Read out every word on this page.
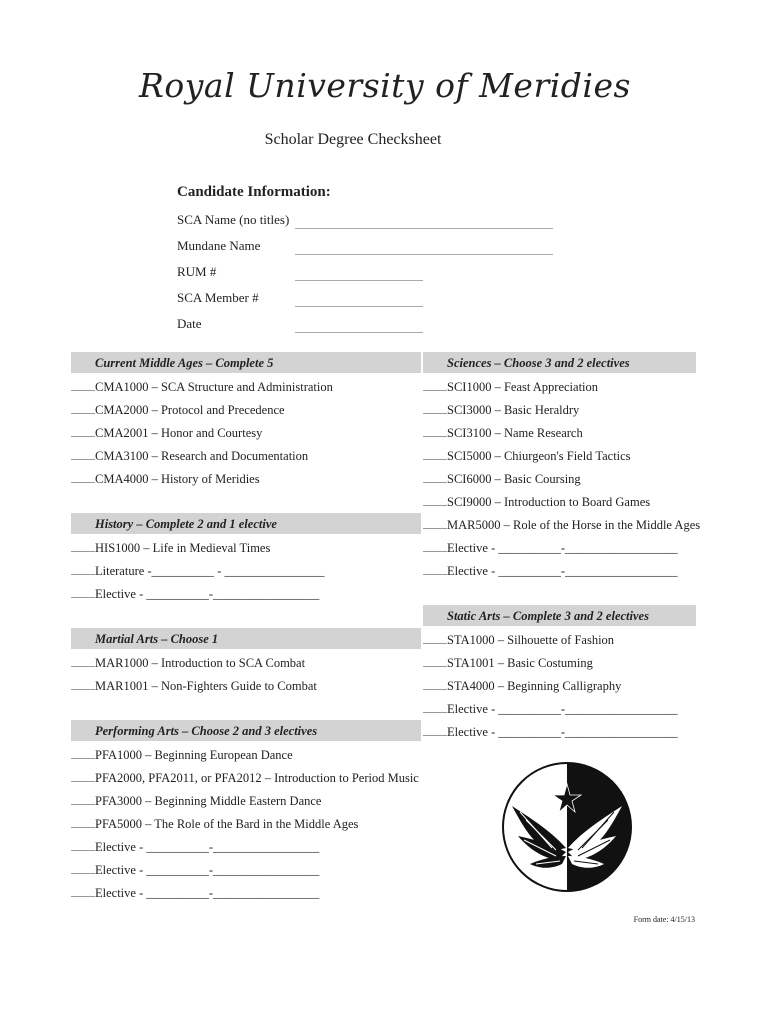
Royal University of Meridies
Scholar Degree Checksheet
Candidate Information:
SCA Name (no titles)
Mundane Name
RUM #
SCA Member #
Date
Current Middle Ages – Complete 5	Sciences – Choose 3 and 2 electives
History – Complete 2 and 1 elective
Static Arts – Complete 3 and 2 electives
Martial Arts – Choose 1
Performing Arts – Choose 2 and 3 electives
CMA1000 – SCA Structure and Administration
CMA2000 – Protocol and Precedence
CMA2001 – Honor and Courtesy
CMA3100 – Research and Documentation
CMA4000 – History of Meridies
SCI1000 – Feast Appreciation
SCI3000 – Basic Heraldry
SCI3100 – Name Research
SCI5000 – Chiurgeon's Field Tactics
SCI6000 – Basic Coursing
SCI9000 – Introduction to Board Games
MAR5000 – Role of the Horse in the Middle Ages
Elective - __________-__________________
Elective - __________-__________________
HIS1000 – Life in Medieval Times
Literature -__________ - ________________
Elective - __________-_________________
STA1000 – Silhouette of Fashion
STA1001 – Basic Costuming
STA4000 – Beginning Calligraphy
Elective - __________-__________________
Elective - __________-__________________
MAR1000 – Introduction to SCA Combat
MAR1001 – Non-Fighters Guide to Combat
PFA1000 – Beginning European Dance
PFA2000, PFA2011, or PFA2012 – Introduction to Period Music
PFA3000 – Beginning Middle Eastern Dance
PFA5000 – The Role of the Bard in the Middle Ages
Elective - __________-_________________
Elective - __________-_________________
Elective - __________-_________________
Form date: 4/15/13
